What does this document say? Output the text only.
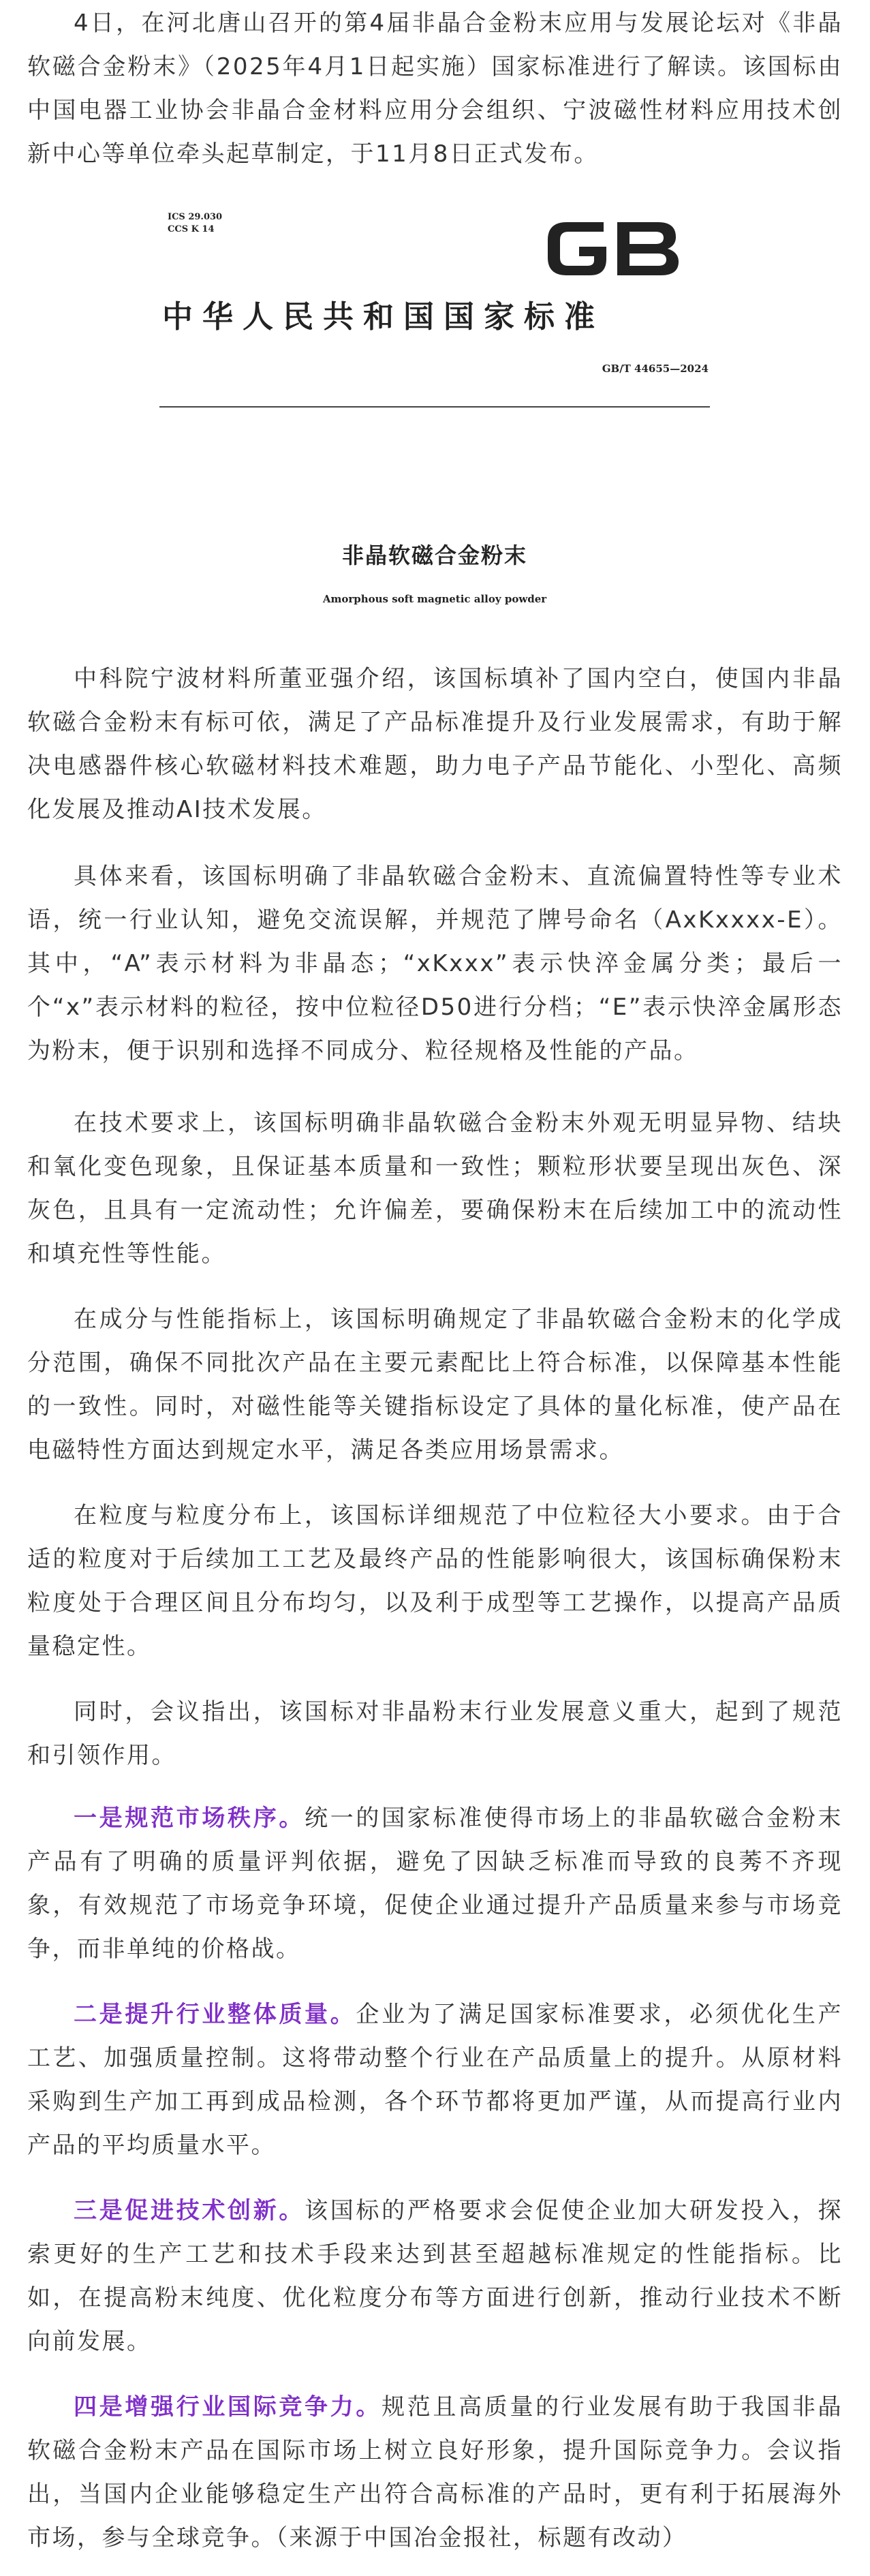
4日，在河北唐山召开的第4届非晶合金粉末应用与发展论坛对《非晶软磁合金粉末》（2025年4月1日起实施）国家标准进行了解读。该国标由中国电器工业协会非晶合金材料应用分会组织、宁波磁性材料应用技术创新中心等单位牵头起草制定，于11月8日正式发布。

ICS 29.030
CCS K 14
GB
中华人民共和国国家标准
GB/T 44655—2024
非晶软磁合金粉末
Amorphous soft magnetic alloy powder

中科院宁波材料所董亚强介绍，该国标填补了国内空白，使国内非晶软磁合金粉末有标可依，满足了产品标准提升及行业发展需求，有助于解决电感器件核心软磁材料技术难题，助力电子产品节能化、小型化、高频化发展及推动AI技术发展。

具体来看，该国标明确了非晶软磁合金粉末、直流偏置特性等专业术语，统一行业认知，避免交流误解，并规范了牌号命名（AxKxxxx-E）。其中，“A”表示材料为非晶态；“xKxxx”表示快淬金属分类；最后一个“x”表示材料的粒径，按中位粒径D50进行分档；“E”表示快淬金属形态为粉末，便于识别和选择不同成分、粒径规格及性能的产品。

在技术要求上，该国标明确非晶软磁合金粉末外观无明显异物、结块和氧化变色现象，且保证基本质量和一致性；颗粒形状要呈现出灰色、深灰色，且具有一定流动性；允许偏差，要确保粉末在后续加工中的流动性和填充性等性能。

在成分与性能指标上，该国标明确规定了非晶软磁合金粉末的化学成分范围，确保不同批次产品在主要元素配比上符合标准，以保障基本性能的一致性。同时，对磁性能等关键指标设定了具体的量化标准，使产品在电磁特性方面达到规定水平，满足各类应用场景需求。

在粒度与粒度分布上，该国标详细规范了中位粒径大小要求。由于合适的粒度对于后续加工工艺及最终产品的性能影响很大，该国标确保粉末粒度处于合理区间且分布均匀，以及利于成型等工艺操作，以提高产品质量稳定性。

同时，会议指出，该国标对非晶粉末行业发展意义重大，起到了规范和引领作用。

一是规范市场秩序。统一的国家标准使得市场上的非晶软磁合金粉末产品有了明确的质量评判依据，避免了因缺乏标准而导致的良莠不齐现象，有效规范了市场竞争环境，促使企业通过提升产品质量来参与市场竞争，而非单纯的价格战。

二是提升行业整体质量。企业为了满足国家标准要求，必须优化生产工艺、加强质量控制。这将带动整个行业在产品质量上的提升。从原材料采购到生产加工再到成品检测，各个环节都将更加严谨，从而提高行业内产品的平均质量水平。

三是促进技术创新。该国标的严格要求会促使企业加大研发投入，探索更好的生产工艺和技术手段来达到甚至超越标准规定的性能指标。比如，在提高粉末纯度、优化粒度分布等方面进行创新，推动行业技术不断向前发展。

四是增强行业国际竞争力。规范且高质量的行业发展有助于我国非晶软磁合金粉末产品在国际市场上树立良好形象，提升国际竞争力。会议指出，当国内企业能够稳定生产出符合高标准的产品时，更有利于拓展海外市场，参与全球竞争。（来源于中国冶金报社，标题有改动）
